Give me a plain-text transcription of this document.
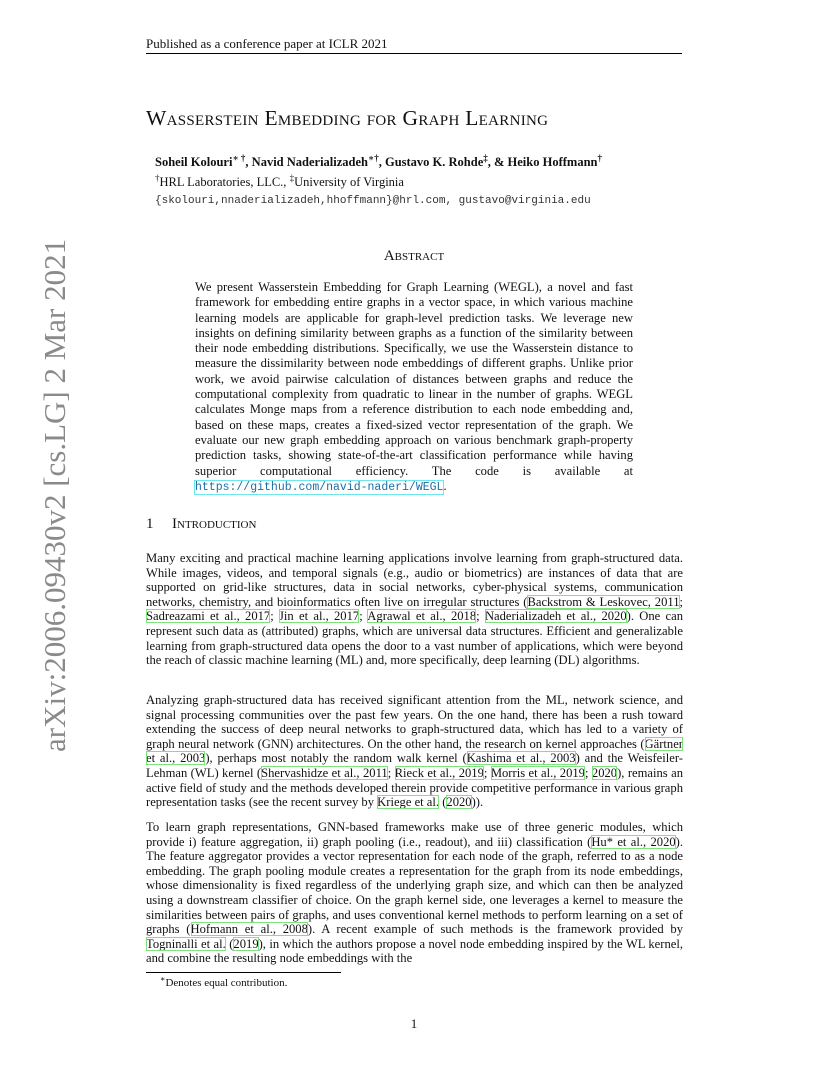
Published as a conference paper at ICLR 2021
Wasserstein Embedding for Graph Learning
Soheil Kolouri∗ †, Navid Naderializadeh∗†, Gustavo K. Rohde‡, & Heiko Hoffmann†
†HRL Laboratories, LLC., ‡University of Virginia
{skolouri,nnaderializadeh,hhoffmann}@hrl.com, gustavo@virginia.edu
Abstract
We present Wasserstein Embedding for Graph Learning (WEGL), a novel and fast framework for embedding entire graphs in a vector space, in which various machine learning models are applicable for graph-level prediction tasks. We leverage new insights on defining similarity between graphs as a function of the similarity between their node embedding distributions. Specifically, we use the Wasserstein distance to measure the dissimilarity between node embeddings of different graphs. Unlike prior work, we avoid pairwise calculation of distances between graphs and reduce the computational complexity from quadratic to linear in the number of graphs. WEGL calculates Monge maps from a reference distribution to each node embedding and, based on these maps, creates a fixed-sized vector representation of the graph. We evaluate our new graph embedding approach on various benchmark graph-property prediction tasks, showing state-of-the-art classification performance while having superior computational efficiency. The code is available at https://github.com/navid-naderi/WEGL.
1 Introduction
Many exciting and practical machine learning applications involve learning from graph-structured data. While images, videos, and temporal signals (e.g., audio or biometrics) are instances of data that are supported on grid-like structures, data in social networks, cyber-physical systems, communication networks, chemistry, and bioinformatics often live on irregular structures (Backstrom & Leskovec, 2011; Sadreazami et al., 2017; Jin et al., 2017; Agrawal et al., 2018; Naderializadeh et al., 2020). One can represent such data as (attributed) graphs, which are universal data structures. Efficient and generalizable learning from graph-structured data opens the door to a vast number of applications, which were beyond the reach of classic machine learning (ML) and, more specifically, deep learning (DL) algorithms.
Analyzing graph-structured data has received significant attention from the ML, network science, and signal processing communities over the past few years. On the one hand, there has been a rush toward extending the success of deep neural networks to graph-structured data, which has led to a variety of graph neural network (GNN) architectures. On the other hand, the research on kernel approaches (Gärtner et al., 2003), perhaps most notably the random walk kernel (Kashima et al., 2003) and the Weisfeiler-Lehman (WL) kernel (Shervashidze et al., 2011; Rieck et al., 2019; Morris et al., 2019; 2020), remains an active field of study and the methods developed therein provide competitive performance in various graph representation tasks (see the recent survey by Kriege et al. (2020)).
To learn graph representations, GNN-based frameworks make use of three generic modules, which provide i) feature aggregation, ii) graph pooling (i.e., readout), and iii) classification (Hu* et al., 2020). The feature aggregator provides a vector representation for each node of the graph, referred to as a node embedding. The graph pooling module creates a representation for the graph from its node embeddings, whose dimensionality is fixed regardless of the underlying graph size, and which can then be analyzed using a downstream classifier of choice. On the graph kernel side, one leverages a kernel to measure the similarities between pairs of graphs, and uses conventional kernel methods to perform learning on a set of graphs (Hofmann et al., 2008). A recent example of such methods is the framework provided by Togninalli et al. (2019), in which the authors propose a novel node embedding inspired by the WL kernel, and combine the resulting node embeddings with the
∗Denotes equal contribution.
1
arXiv:2006.09430v2 [cs.LG] 2 Mar 2021
